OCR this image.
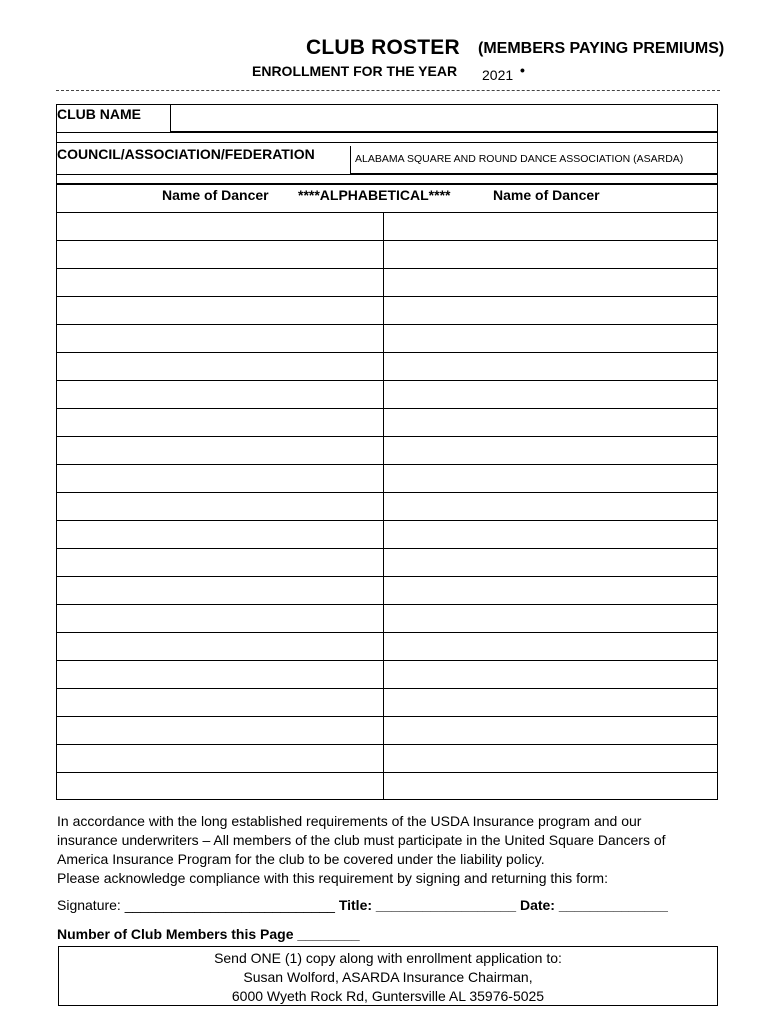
CLUB ROSTER (MEMBERS PAYING PREMIUMS)
ENROLLMENT FOR THE YEAR 2021 •
CLUB NAME
COUNCIL/ASSOCIATION/FEDERATION	ALABAMA SQUARE AND ROUND DANCE ASSOCIATION (ASARDA)
Name of Dancer ****ALPHABETICAL****	Name of Dancer
In accordance with the long established requirements of the USDA Insurance program and our
insurance underwriters – All members of the club must participate in the United Square Dancers of
America Insurance Program for the club to be covered under the liability policy.
Please acknowledge compliance with this requirement by signing and returning this form:
Signature: ___________________________ Title: __________________ Date: ______________
Number of Club Members this Page ________
Send ONE (1) copy along with enrollment application to:
Susan Wolford, ASARDA Insurance Chairman,
6000 Wyeth Rock Rd, Guntersville AL 35976-5025
